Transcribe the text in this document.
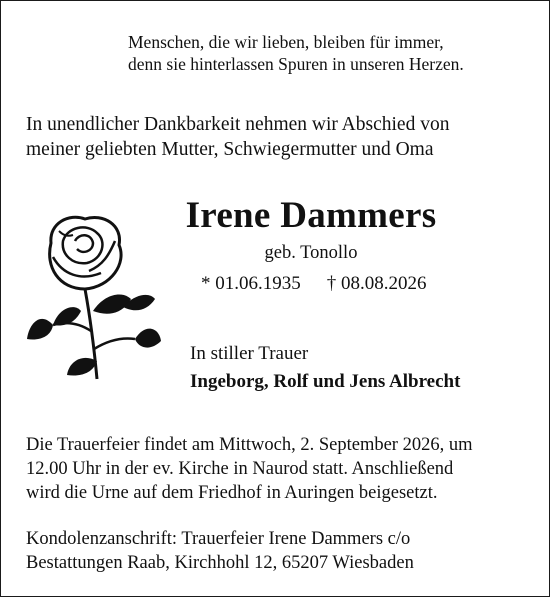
Menschen, die wir lieben, bleiben für immer,
denn sie hinterlassen Spuren in unseren Herzen.
In unendlicher Dankbarkeit nehmen wir Abschied von
meiner geliebten Mutter, Schwiegermutter und Oma
Irene Dammers
geb. Tonollo
* 01.06.1935 † 08.08.2026
In stiller Trauer
Ingeborg, Rolf und Jens Albrecht
Die Trauerfeier findet am Mittwoch, 2. September 2026, um
12.00 Uhr in der ev. Kirche in Naurod statt. Anschließend
wird die Urne auf dem Friedhof in Auringen beigesetzt.
Kondolenzanschrift: Trauerfeier Irene Dammers c/o
Bestattungen Raab, Kirchhohl 12, 65207 Wiesbaden
